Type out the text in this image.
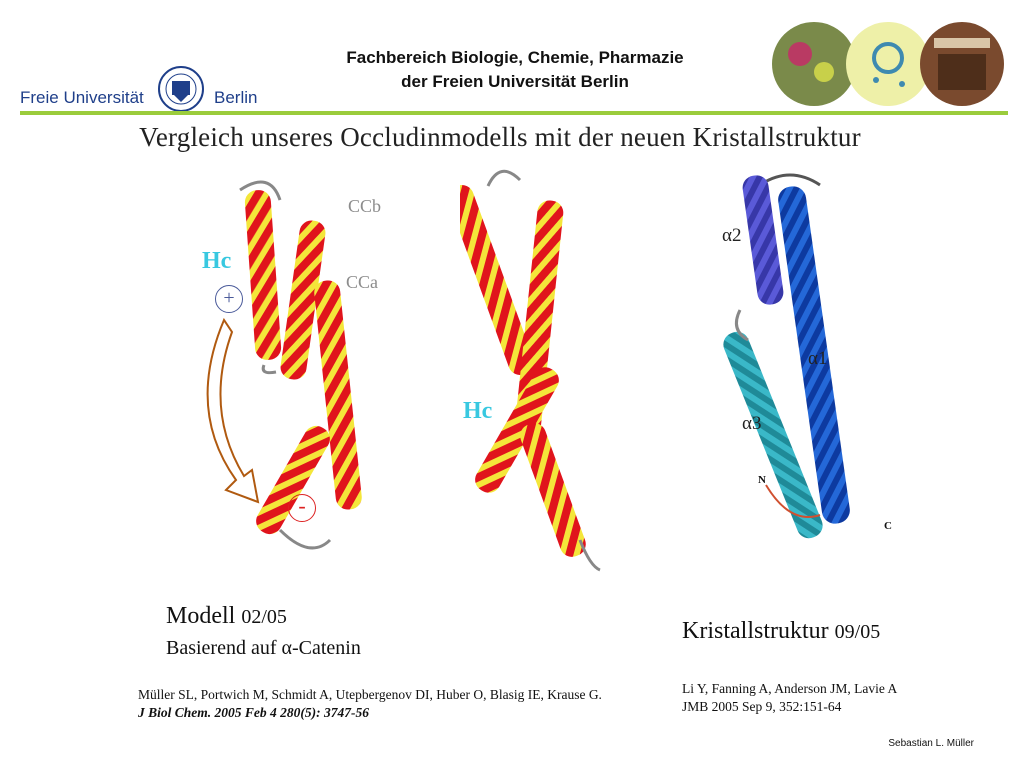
Freie Universität	Berlin
Fachbereich Biologie, Chemie, Pharmazie
der Freien Universität Berlin
Vergleich unseres Occludinmodells mit der neuen Kristallstruktur
CCb
CCa
Hc
+
-
Hc
α2
α1
α3
N
C
Modell 02/05
Basierend auf α-Catenin
Kristallstruktur 09/05
Müller SL, Portwich M, Schmidt A, Utepbergenov DI, Huber O, Blasig IE, Krause G.
J Biol Chem. 2005 Feb 4 280(5): 3747-56
Li Y, Fanning A, Anderson JM, Lavie A
JMB 2005 Sep 9, 352:151-64
Sebastian L. Müller
